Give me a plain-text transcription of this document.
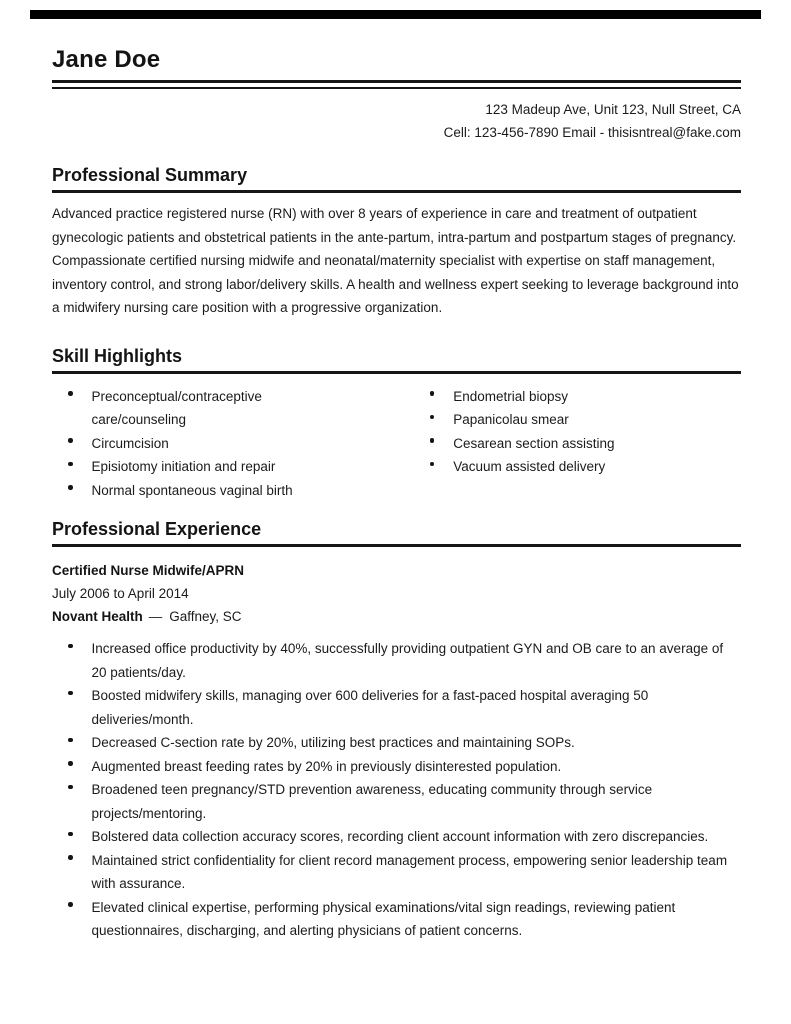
Jane Doe
123 Madeup Ave, Unit 123, Null Street, CA
Cell: 123-456-7890 Email - thisisntreal@fake.com
Professional Summary

Advanced practice registered nurse (RN) with over 8 years of experience in care and treatment of outpatient gynecologic patients and obstetrical patients in the ante-partum, intra-partum and postpartum stages of pregnancy. Compassionate certified nursing midwife and neonatal/maternity specialist with expertise on staff management, inventory control, and strong labor/delivery skills. A health and wellness expert seeking to leverage background into a midwifery nursing care position with a progressive organization.

Skill Highlights
Preconceptual/contraceptive care/counseling
Circumcision
Episiotomy initiation and repair
Normal spontaneous vaginal birth
Endometrial biopsy
Papanicolau smear
Cesarean section assisting
Vacuum assisted delivery
Professional Experience
Certified Nurse Midwife/APRN
July 2006 to April 2014
Novant Health — Gaffney, SC
Increased office productivity by 40%, successfully providing outpatient GYN and OB care to an average of 20 patients/day.
Boosted midwifery skills, managing over 600 deliveries for a fast-paced hospital averaging 50 deliveries/month.
Decreased C-section rate by 20%, utilizing best practices and maintaining SOPs.
Augmented breast feeding rates by 20% in previously disinterested population.
Broadened teen pregnancy/STD prevention awareness, educating community through service projects/mentoring.
Bolstered data collection accuracy scores, recording client account information with zero discrepancies.
Maintained strict confidentiality for client record management process, empowering senior leadership team with assurance.
Elevated clinical expertise, performing physical examinations/vital sign readings, reviewing patient questionnaires, discharging, and alerting physicians of patient concerns.
